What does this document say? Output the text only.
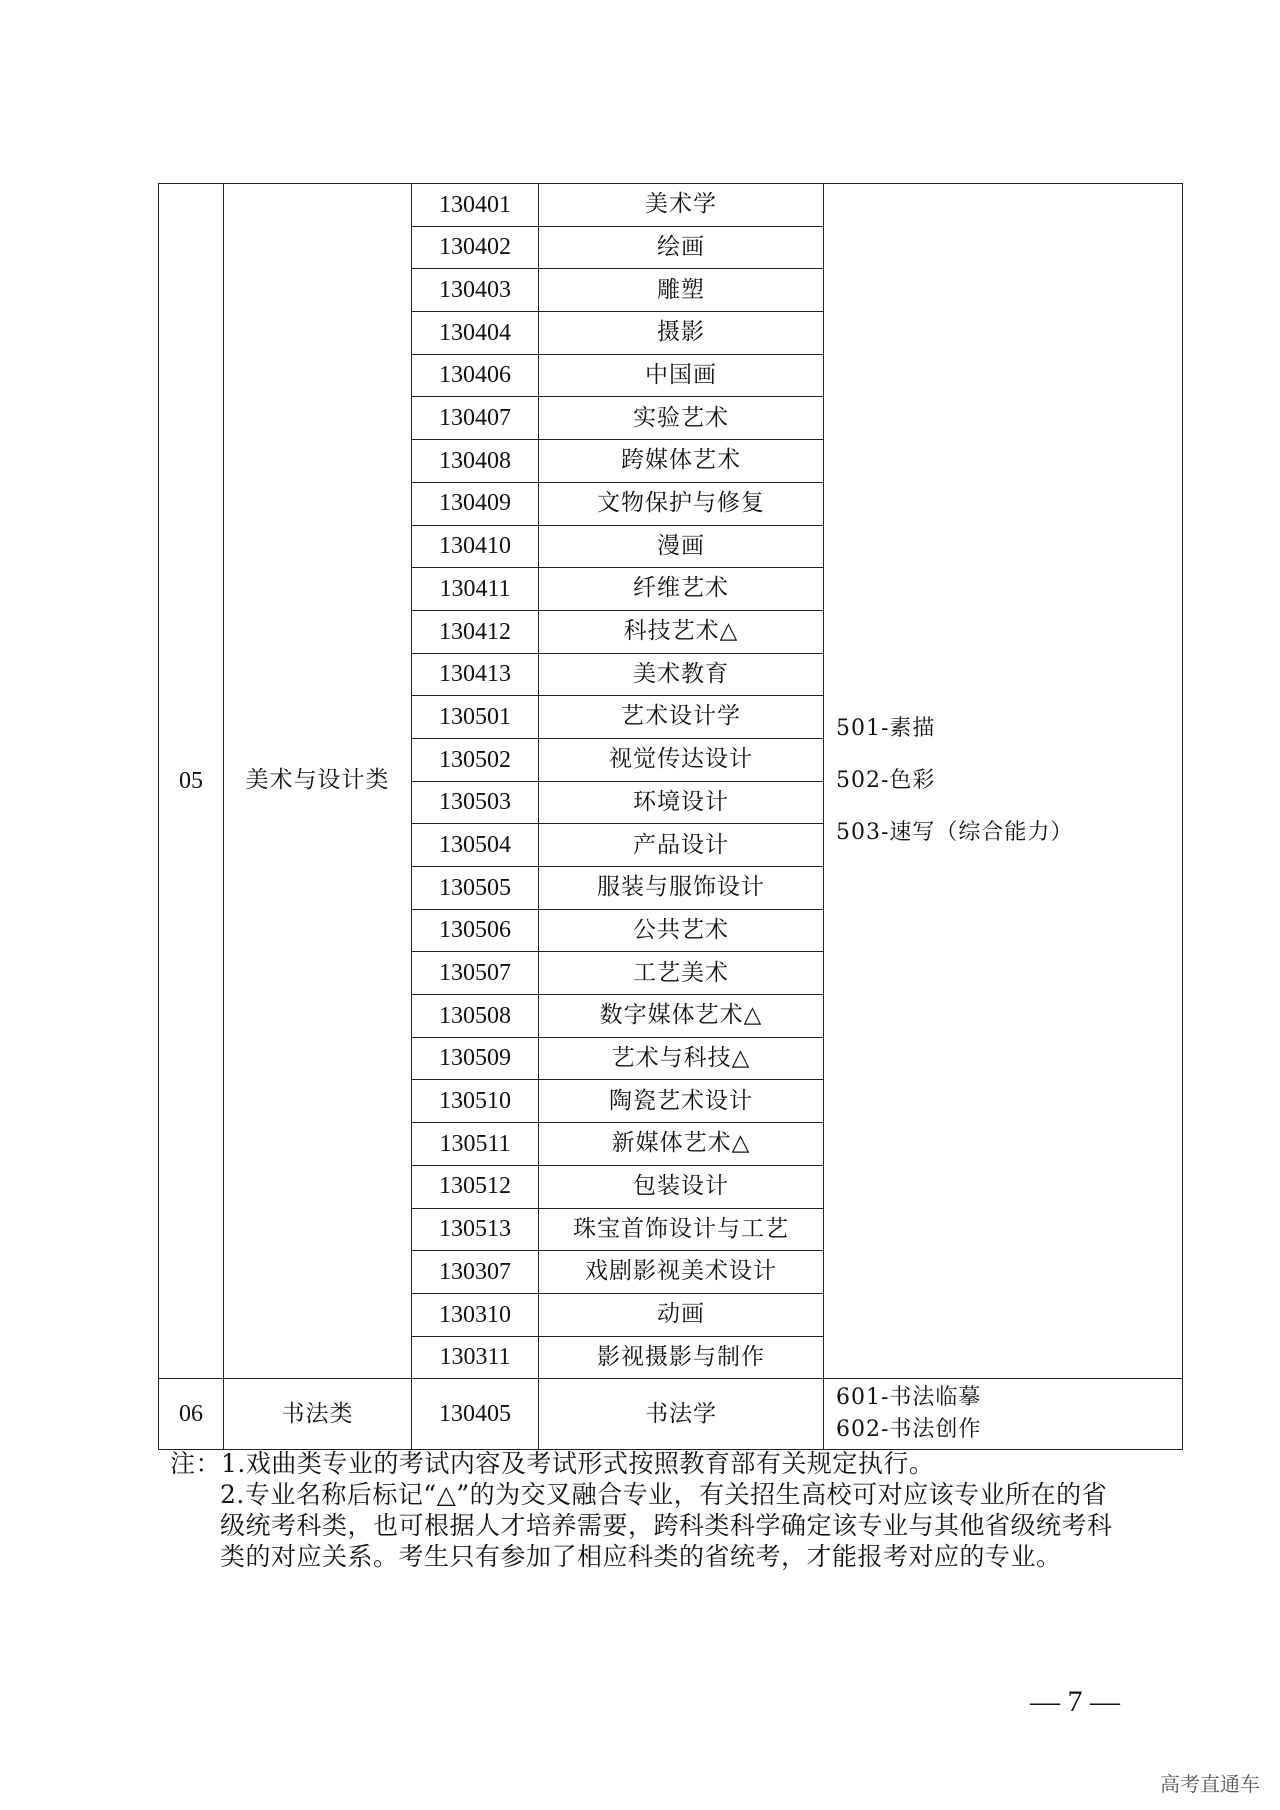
05	美术与设计类	130401	美术学	501-素描
502-色彩
503-速写（综合能力）

		130402	绘画	
		130403	雕塑	
		130404	摄影	
		130406	中国画	
		130407	实验艺术	
		130408	跨媒体艺术	
		130409	文物保护与修复	
		130410	漫画	
		130411	纤维艺术	
		130412	科技艺术△	
		130413	美术教育	
		130501	艺术设计学	
		130502	视觉传达设计	
		130503	环境设计	
		130504	产品设计	
		130505	服装与服饰设计	
		130506	公共艺术	
		130507	工艺美术	
		130508	数字媒体艺术△	
		130509	艺术与科技△	
		130510	陶瓷艺术设计	
		130511	新媒体艺术△	
		130512	包装设计	
		130513	珠宝首饰设计与工艺	
		130307	戏剧影视美术设计	
		130310	动画	
		130311	影视摄影与制作	
06	书法类	130405	书法学	601-书法临摹
602-书法创作

注：1.戏曲类专业的考试内容及考试形式按照教育部有关规定执行。

2.专业名称后标记“△”的为交叉融合专业，有关招生高校可对应该专业所在的省级统考科类，也可根据人才培养需要，跨科类科学确定该专业与其他省级统考科类的对应关系。考生只有参加了相应科类的省统考，才能报考对应的专业。

— 7 —
高考直通车
